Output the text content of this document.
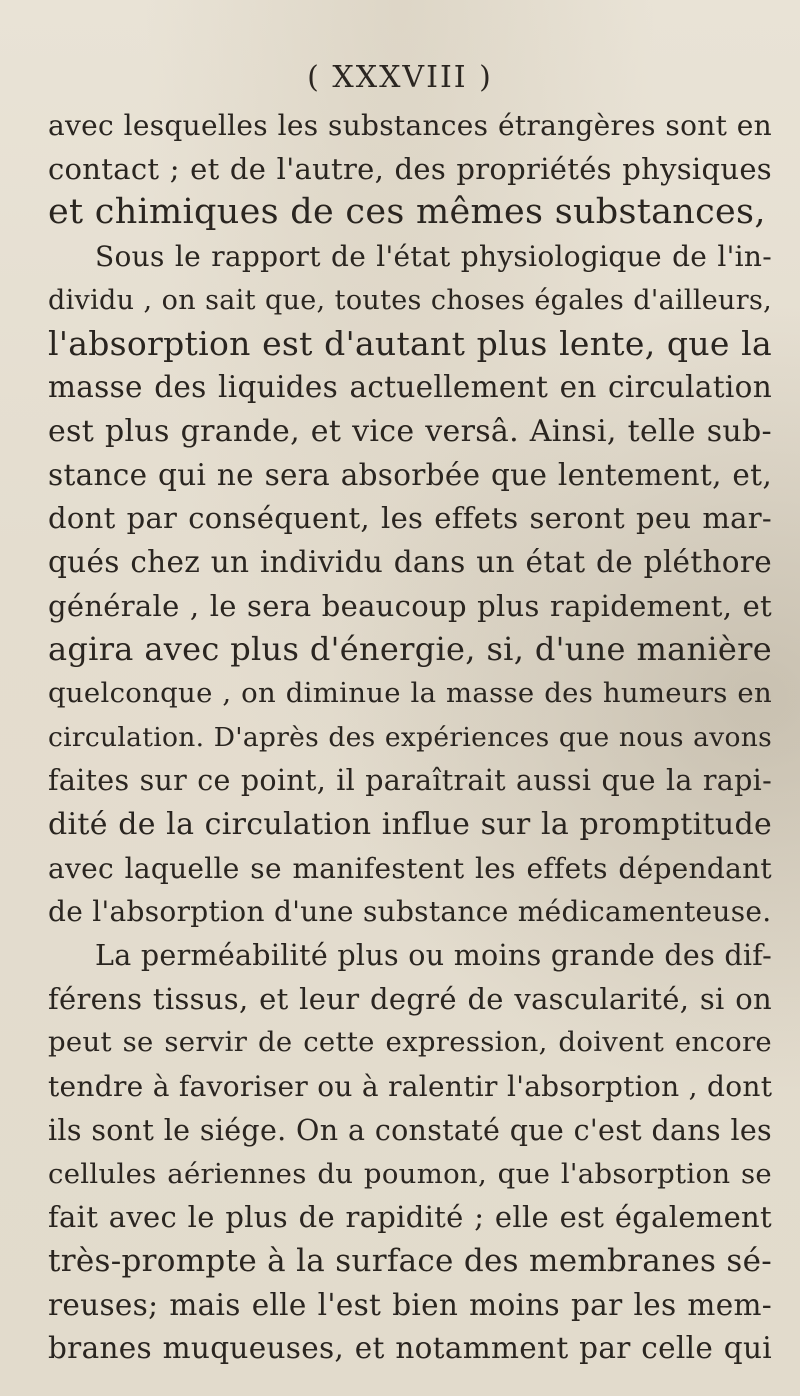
( XXXVIII )
avec lesquelles les substances étrangères sont en
contact ; et de l'autre, des propriétés physiques
et chimiques de ces mêmes substances,
Sous le rapport de l'état physiologique de l'in-
dividu , on sait que, toutes choses égales d'ailleurs,
l'absorption est d'autant plus lente, que la
masse des liquides actuellement en circulation
est plus grande, et vice versâ. Ainsi, telle sub-
stance qui ne sera absorbée que lentement, et,
dont par conséquent, les effets seront peu mar-
qués chez un individu dans un état de pléthore
générale , le sera beaucoup plus rapidement, et
agira avec plus d'énergie, si, d'une manière
quelconque , on diminue la masse des humeurs en
circulation. D'après des expériences que nous avons
faites sur ce point, il paraîtrait aussi que la rapi-
dité de la circulation influe sur la promptitude
avec laquelle se manifestent les effets dépendant
de l'absorption d'une substance médicamenteuse.
La perméabilité plus ou moins grande des dif-
férens tissus, et leur degré de vascularité, si on
peut se servir de cette expression, doivent encore
tendre à favoriser ou à ralentir l'absorption , dont
ils sont le siége. On a constaté que c'est dans les
cellules aériennes du poumon, que l'absorption se
fait avec le plus de rapidité ; elle est également
très-prompte à la surface des membranes sé-
reuses; mais elle l'est bien moins par les mem-
branes muqueuses, et notamment par celle qui
